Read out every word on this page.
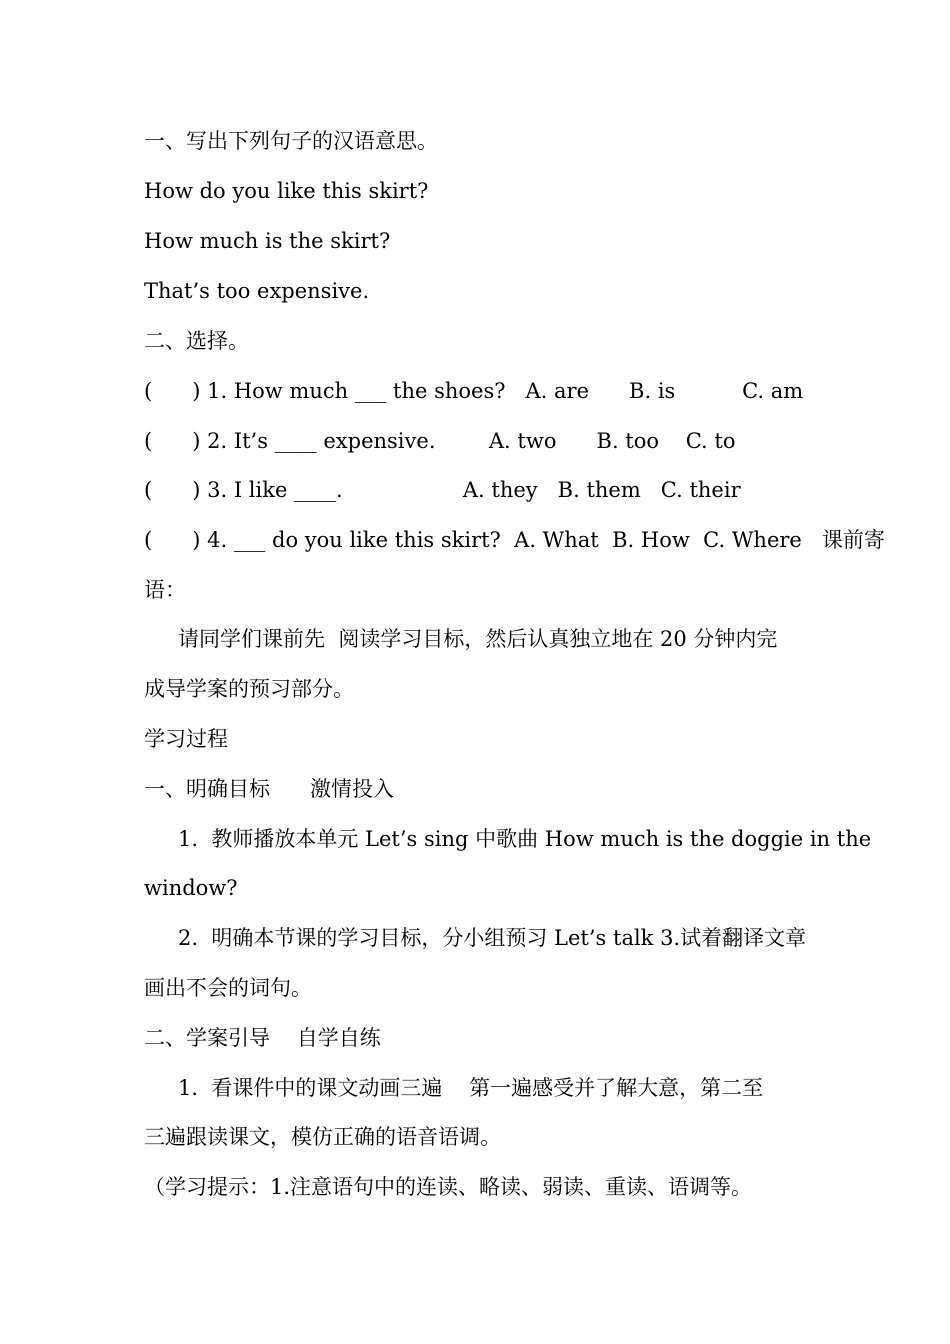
一、写出下列句子的汉语意思。
How do you like this skirt?
How much is the skirt?
That’s too expensive.
二、选择。
(      ) 1. How much ___ the shoes?   A. are      B. is          C. am
(      ) 2. It’s ____ expensive.        A. two      B. too    C. to
(      ) 3. I like ____.                  A. they   B. them   C. their
(      ) 4. ___ do you like this skirt?  A. What  B. How  C. Where   课前寄
语：
请同学们课前先  阅读学习目标，然后认真独立地在 20 分钟内完
成导学案的预习部分。
学习过程
一、明确目标      激情投入
1.  教师播放本单元 Let’s sing 中歌曲 How much is the doggie in the
window?
2.  明确本节课的学习目标，分小组预习 Let’s talk 3.试着翻译文章
画出不会的词句。
二、学案引导    自学自练
1.  看课件中的课文动画三遍    第一遍感受并了解大意，第二至
三遍跟读课文，模仿正确的语音语调。
（学习提示：1.注意语句中的连读、略读、弱读、重读、语调等。
